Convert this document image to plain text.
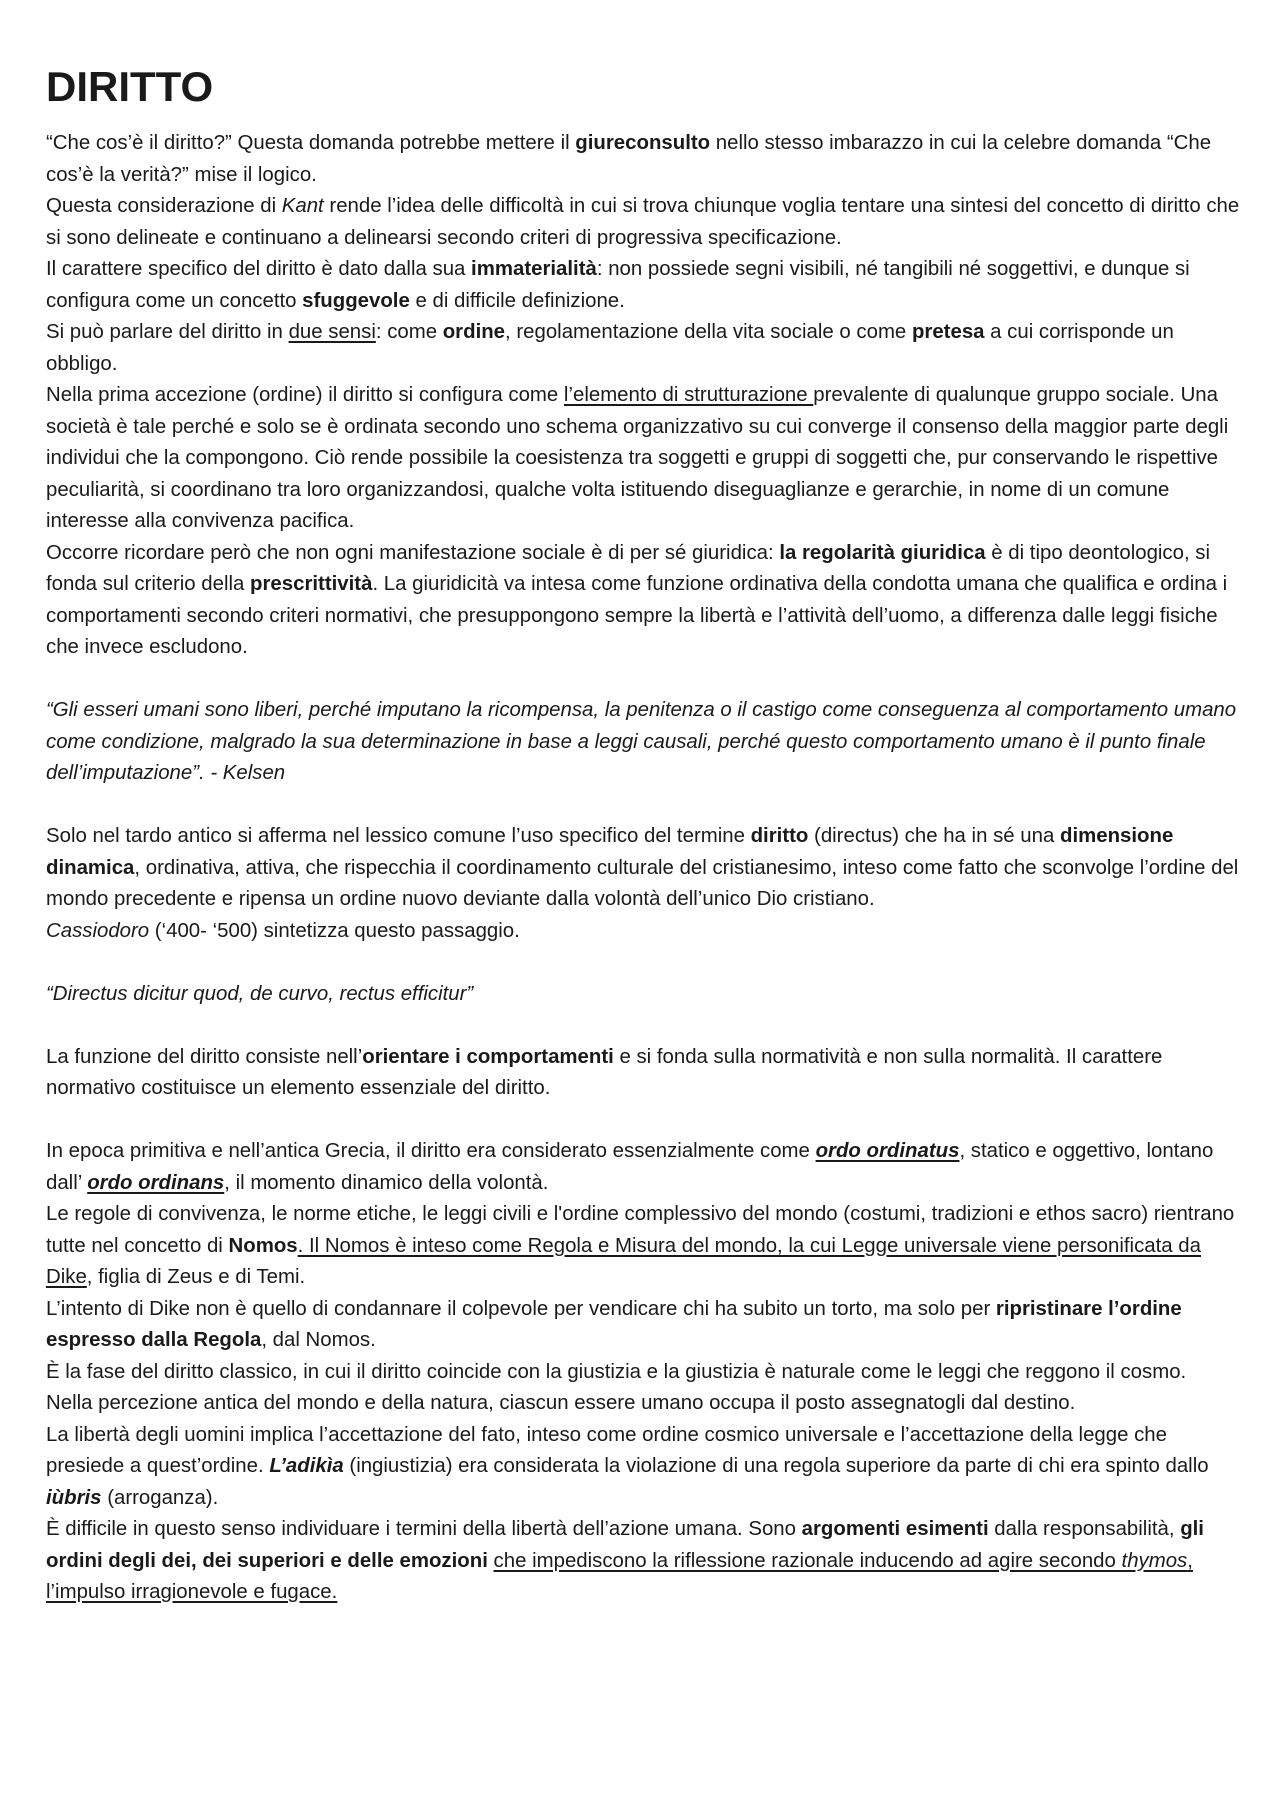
DIRITTO

“Che cos’è il diritto?” Questa domanda potrebbe mettere il giureconsulto nello stesso imbarazzo in cui la celebre domanda “Che cos’è la verità?” mise il logico.

Questa considerazione di Kant rende l’idea delle difficoltà in cui si trova chiunque voglia tentare una sintesi del concetto di diritto che si sono delineate e continuano a delinearsi secondo criteri di progressiva specificazione.

Il carattere specifico del diritto è dato dalla sua immaterialità: non possiede segni visibili, né tangibili né soggettivi, e dunque si configura come un concetto sfuggevole e di difficile definizione.

Si può parlare del diritto in due sensi: come ordine, regolamentazione della vita sociale o come pretesa a cui corrisponde un obbligo.

Nella prima accezione (ordine) il diritto si configura come l’elemento di strutturazione prevalente di qualunque gruppo sociale. Una società è tale perché e solo se è ordinata secondo uno schema organizzativo su cui converge il consenso della maggior parte degli individui che la compongono. Ciò rende possibile la coesistenza tra soggetti e gruppi di soggetti che, pur conservando le rispettive peculiarità, si coordinano tra loro organizzandosi, qualche volta istituendo diseguaglianze e gerarchie, in nome di un comune interesse alla convivenza pacifica.

Occorre ricordare però che non ogni manifestazione sociale è di per sé giuridica: la regolarità giuridica è di tipo deontologico, si fonda sul criterio della prescrittività. La giuridicità va intesa come funzione ordinativa della condotta umana che qualifica e ordina i comportamenti secondo criteri normativi, che presuppongono sempre la libertà e l’attività dell’uomo, a differenza dalle leggi fisiche che invece escludono.

“Gli esseri umani sono liberi, perché imputano la ricompensa, la penitenza o il castigo come conseguenza al comportamento umano come condizione, malgrado la sua determinazione in base a leggi causali, perché questo comportamento umano è il punto finale dell’imputazione”. - Kelsen

Solo nel tardo antico si afferma nel lessico comune l’uso specifico del termine diritto (directus) che ha in sé una dimensione dinamica, ordinativa, attiva, che rispecchia il coordinamento culturale del cristianesimo, inteso come fatto che sconvolge l’ordine del mondo precedente e ripensa un ordine nuovo deviante dalla volontà dell’unico Dio cristiano.

Cassiodoro (‘400- ‘500) sintetizza questo passaggio.

“Directus dicitur quod, de curvo, rectus efficitur”

La funzione del diritto consiste nell’orientare i comportamenti e si fonda sulla normatività e non sulla normalità. Il carattere normativo costituisce un elemento essenziale del diritto.

In epoca primitiva e nell’antica Grecia, il diritto era considerato essenzialmente come ordo ordinatus, statico e oggettivo, lontano dall’ ordo ordinans, il momento dinamico della volontà.

Le regole di convivenza, le norme etiche, le leggi civili e l'ordine complessivo del mondo (costumi, tradizioni e ethos sacro) rientrano tutte nel concetto di Nomos. Il Nomos è inteso come Regola e Misura del mondo, la cui Legge universale viene personificata da Dike, figlia di Zeus e di Temi.

L’intento di Dike non è quello di condannare il colpevole per vendicare chi ha subito un torto, ma solo per ripristinare l’ordine espresso dalla Regola, dal Nomos.

È la fase del diritto classico, in cui il diritto coincide con la giustizia e la giustizia è naturale come le leggi che reggono il cosmo.

Nella percezione antica del mondo e della natura, ciascun essere umano occupa il posto assegnatogli dal destino.

La libertà degli uomini implica l’accettazione del fato, inteso come ordine cosmico universale e l’accettazione della legge che presiede a quest’ordine. L’adikìa (ingiustizia) era considerata la violazione di una regola superiore da parte di chi era spinto dallo iùbris (arroganza).

È difficile in questo senso individuare i termini della libertà dell’azione umana. Sono argomenti esimenti dalla responsabilità, gli ordini degli dei, dei superiori e delle emozioni che impediscono la riflessione razionale inducendo ad agire secondo thymos, l’impulso irragionevole e fugace.
